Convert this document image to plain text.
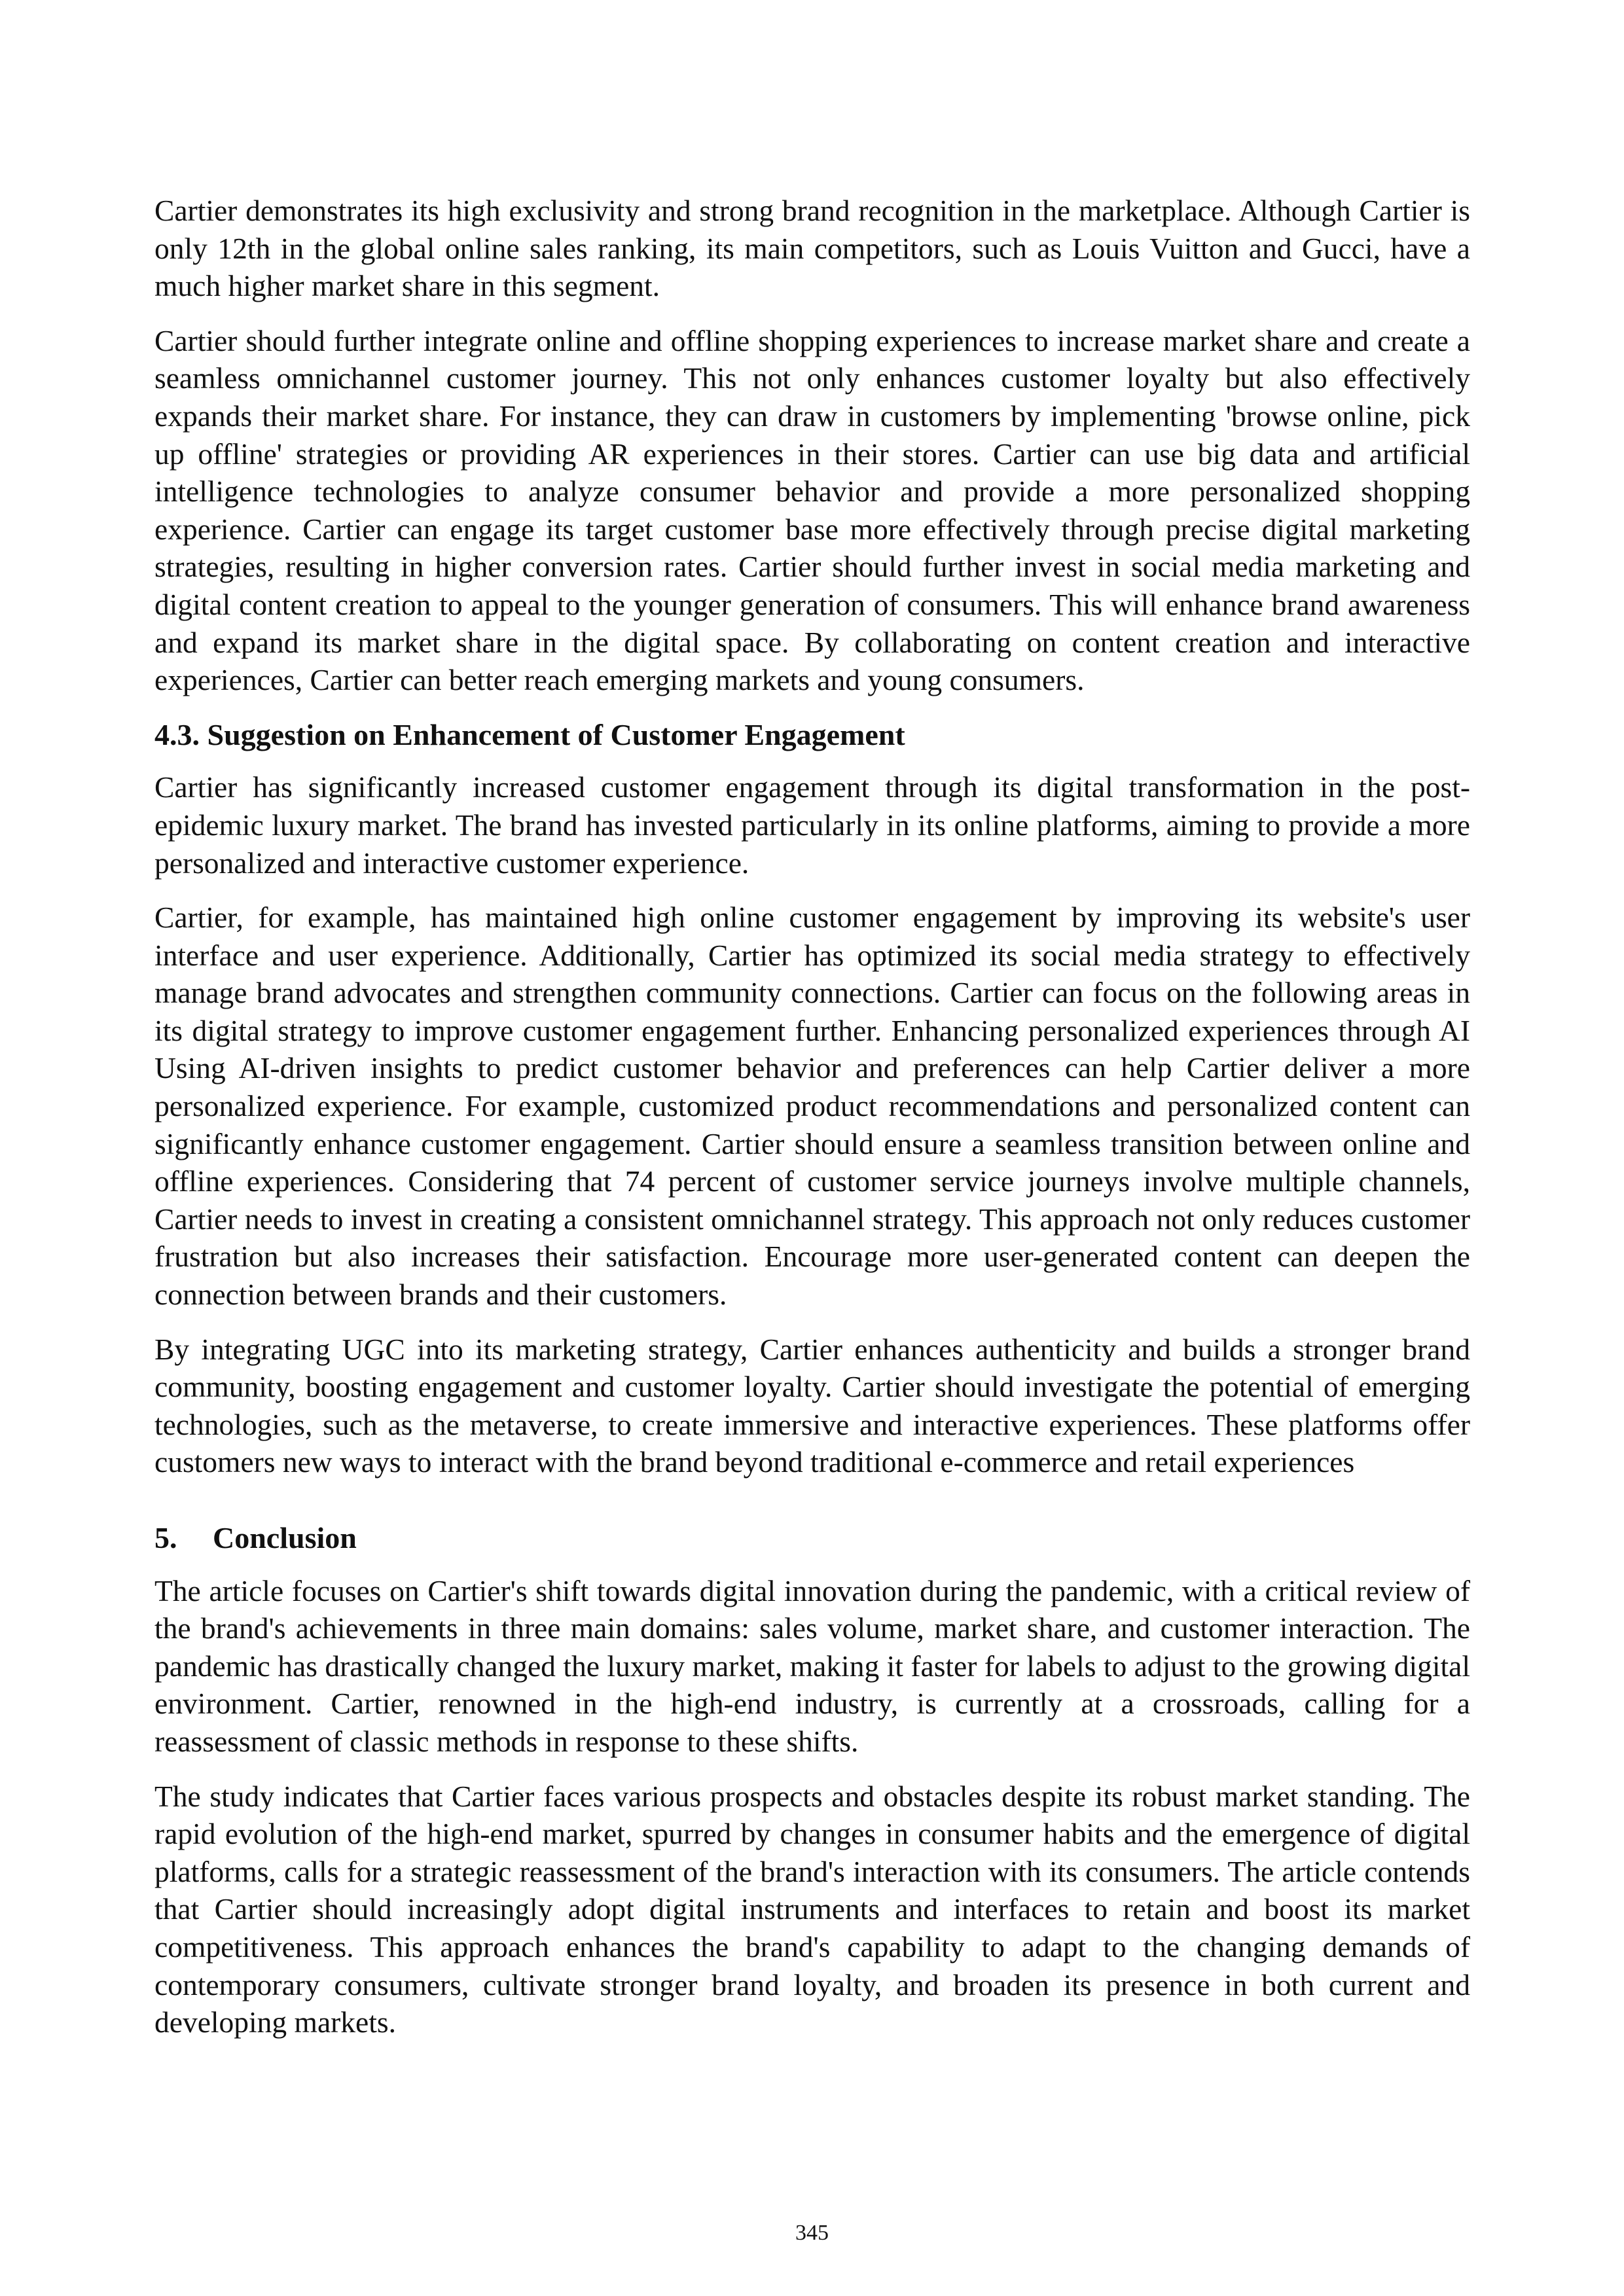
Cartier demonstrates its high exclusivity and strong brand recognition in the marketplace. Although Cartier is only 12th in the global online sales ranking, its main competitors, such as Louis Vuitton and Gucci, have a much higher market share in this segment.

Cartier should further integrate online and offline shopping experiences to increase market share and create a seamless omnichannel customer journey. This not only enhances customer loyalty but also effectively expands their market share. For instance, they can draw in customers by implementing 'browse online, pick up offline' strategies or providing AR experiences in their stores. Cartier can use big data and artificial intelligence technologies to analyze consumer behavior and provide a more personalized shopping experience. Cartier can engage its target customer base more effectively through precise digital marketing strategies, resulting in higher conversion rates. Cartier should further invest in social media marketing and digital content creation to appeal to the younger generation of consumers. This will enhance brand awareness and expand its market share in the digital space. By collaborating on content creation and interactive experiences, Cartier can better reach emerging markets and young consumers.

4.3. Suggestion on Enhancement of Customer Engagement

Cartier has significantly increased customer engagement through its digital transformation in the post-epidemic luxury market. The brand has invested particularly in its online platforms, aiming to provide a more personalized and interactive customer experience.

Cartier, for example, has maintained high online customer engagement by improving its website's user interface and user experience. Additionally, Cartier has optimized its social media strategy to effectively manage brand advocates and strengthen community connections. Cartier can focus on the following areas in its digital strategy to improve customer engagement further. Enhancing personalized experiences through AI Using AI-driven insights to predict customer behavior and preferences can help Cartier deliver a more personalized experience. For example, customized product recommendations and personalized content can significantly enhance customer engagement. Cartier should ensure a seamless transition between online and offline experiences. Considering that 74 percent of customer service journeys involve multiple channels, Cartier needs to invest in creating a consistent omnichannel strategy. This approach not only reduces customer frustration but also increases their satisfaction. Encourage more user-generated content can deepen the connection between brands and their customers.

By integrating UGC into its marketing strategy, Cartier enhances authenticity and builds a stronger brand community, boosting engagement and customer loyalty. Cartier should investigate the potential of emerging technologies, such as the metaverse, to create immersive and interactive experiences. These platforms offer customers new ways to interact with the brand beyond traditional e-commerce and retail experiences

5. Conclusion

The article focuses on Cartier's shift towards digital innovation during the pandemic, with a critical review of the brand's achievements in three main domains: sales volume, market share, and customer interaction. The pandemic has drastically changed the luxury market, making it faster for labels to adjust to the growing digital environment. Cartier, renowned in the high-end industry, is currently at a crossroads, calling for a reassessment of classic methods in response to these shifts.

The study indicates that Cartier faces various prospects and obstacles despite its robust market standing. The rapid evolution of the high-end market, spurred by changes in consumer habits and the emergence of digital platforms, calls for a strategic reassessment of the brand's interaction with its consumers. The article contends that Cartier should increasingly adopt digital instruments and interfaces to retain and boost its market competitiveness. This approach enhances the brand's capability to adapt to the changing demands of contemporary consumers, cultivate stronger brand loyalty, and broaden its presence in both current and developing markets.

345
